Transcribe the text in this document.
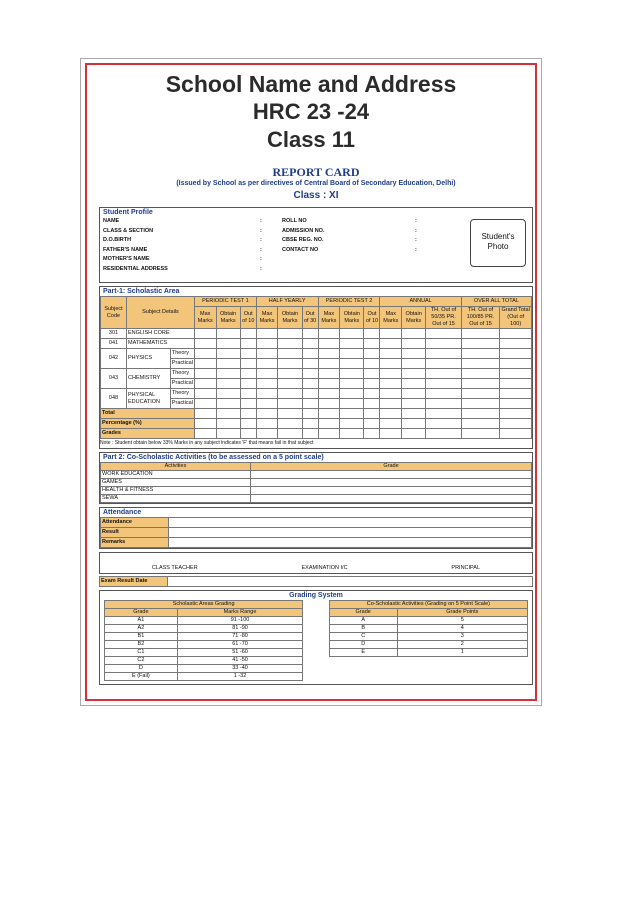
School Name and Address
HRC 23 -24
Class 11
REPORT CARD
(Issued by School as per directives of Central Board of Secondary Education, Delhi)
Class : XI
Student Profile
NAME	:
CLASS & SECTION	:
D.O.BIRTH	:
FATHER'S NAME	:
MOTHER'S NAME	:
RESIDENTIAL ADDRESS	:
ROLL NO	:
ADMISSION NO.	:
CBSE REG. NO.	:
CONTACT NO	:
Student's
Photo
Part-1: Scholastic Area
Subject Code	Subject Details		PERIODIC TEST 1			HALF YEARLY			PERIODIC TEST 2			ANNUAL			OVER ALL TOTAL	
			Max Marks	Obtain Marks	Out of 10	Max Marks	Obtain Marks	Out of 30	Max Marks	Obtain Marks	Out of 10	Max Marks	Obtain Marks	TH. Out of 50/35 PR. Out of 15	TH. Out of 100/85 PR. Out of 15	Grand Total (Out of 100)
301	ENGLISH CORE															
041	MATHEMATICS															
042	PHYSICS	Theory														
		Practical														
043	CHEMISTRY	Theory														
		Practical														
048	PHYSICAL EDUCATION	Theory														
		Practical														
Total																
Percentage (%)																
Grades																
Note : Student obtain below 33% Marks in any subject indicates 'F' that means fail in that subject
Part 2: Co-Scholastic Activities (to be assessed on a 5 point scale)
Activities	Grade
WORK EDUCATION	
GAMES	
HEALTH & FITNESS	
SEWA	
Attendance
Attendance	
Result	
Remarks	
CLASS TEACHER	EXAMINATION I/C	PRINCIPAL
Exam Result Date	
Grading System
Scholastic Areas Grading	
Grade	Marks Range
A1	91 -100
A2	81 -90
B1	71 -80
B2	61 -70
C1	51 -60
C2	41 -50
D	33 -40
E (Fail)	1 -32
Co-Scholastic Activities (Grading on 5 Point Scale)	
Grade	Grade Points
A	5
B	4
C	3
D	2
E	1
